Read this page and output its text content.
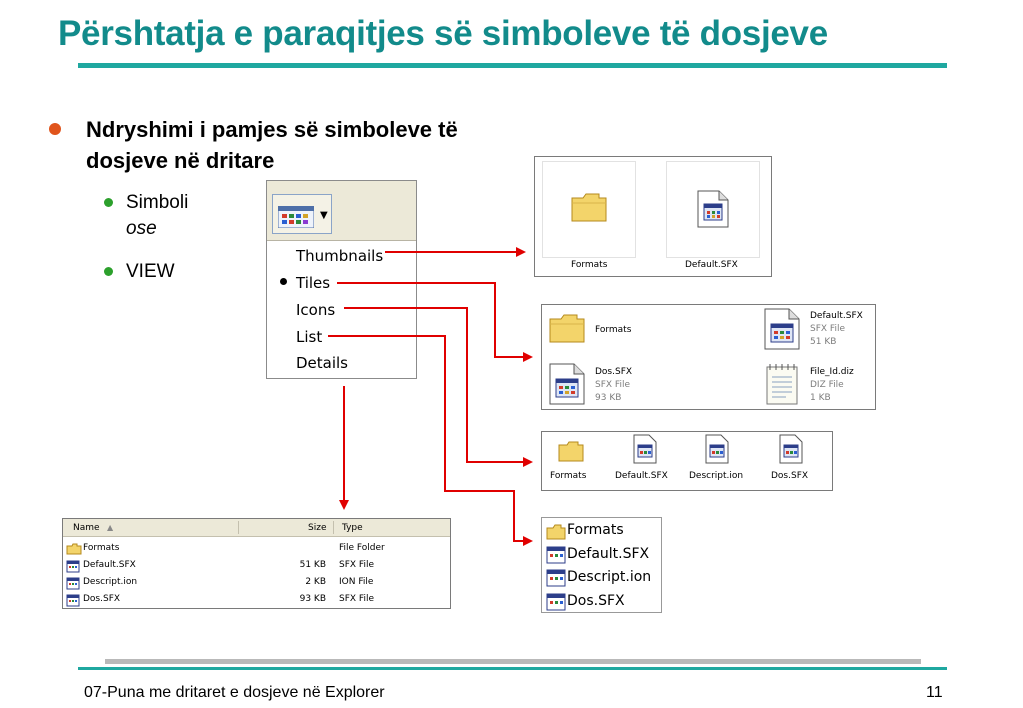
Përshtatja e paraqitjes së simboleve të dosjeve
Ndryshimi i pamjes së simboleve të dosjeve në dritare
Simboli
ose
VIEW
▼
Thumbnails
Tiles
Icons
List
Details
Formats	Default.SFX
Formats
Default.SFX
SFX File
51 KB
Dos.SFX
SFX File
93 KB
File_Id.diz
DIZ File
1 KB
Formats	Default.SFX Descript.ion	Dos.SFX
Formats
Default.SFX
Descript.ion
Dos.SFX
Name ▲	Size Type
Formats	File Folder
Default.SFX	51 KB SFX File
Descript.ion	2 KB ION File
Dos.SFX	93 KB SFX File
07-Puna me dritaret e dosjeve në Explorer	11
